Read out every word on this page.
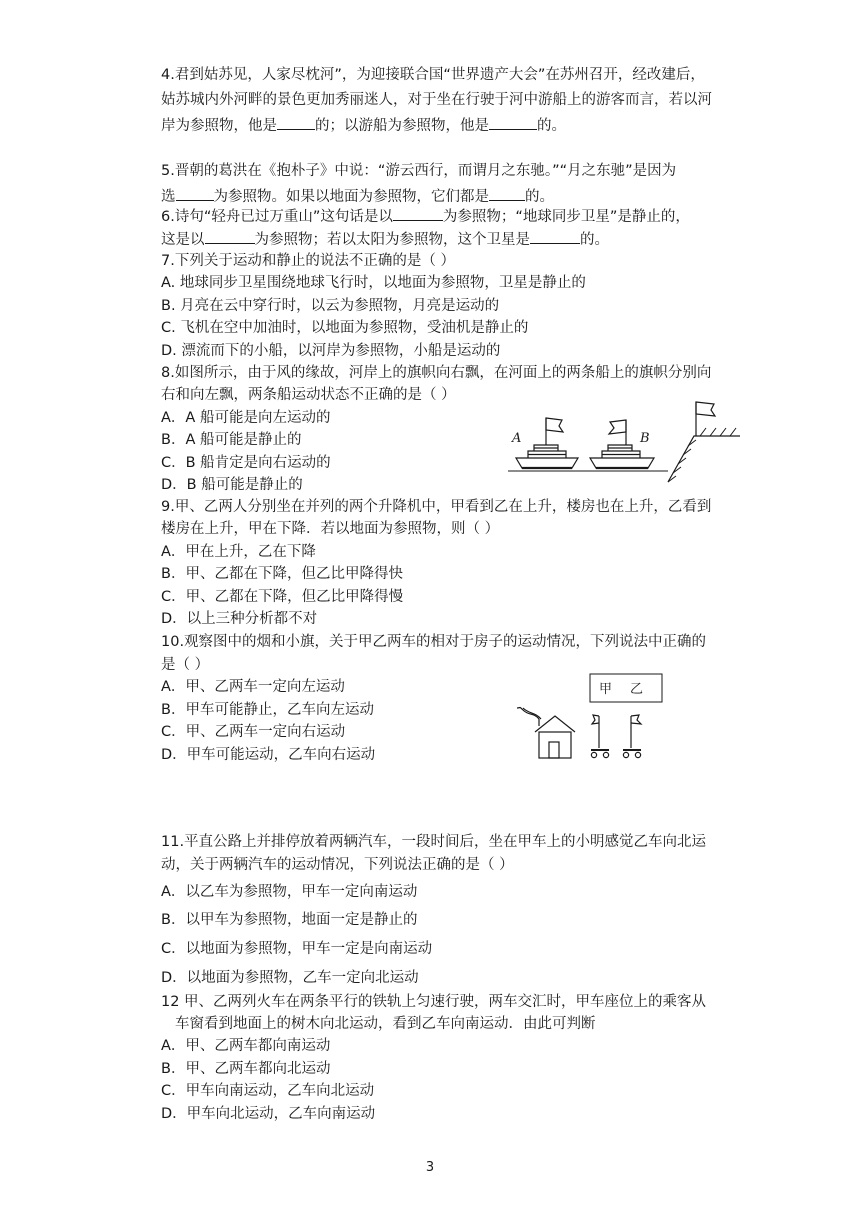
4.君到姑苏见，人家尽枕河”，为迎接联合国“世界遗产大会”在苏州召开，经改建后，
姑苏城内外河畔的景色更加秀丽迷人，对于坐在行驶于河中游船上的游客而言，若以河
岸为参照物，他是	的；以游船为参照物，他是	的。
5.晋朝的葛洪在《抱朴子》中说：“游云西行，而谓月之东驰。”“月之东驰”是因为
选	为参照物。如果以地面为参照物，它们都是 的。
6.诗句“轻舟已过万重山”这句话是以	为参照物；“地球同步卫星”是静止的，
这是以	为参照物；若以太阳为参照物，这个卫星是	的。
7.下列关于运动和静止的说法不正确的是（ ）
A. 地球同步卫星围绕地球飞行时，以地面为参照物，卫星是静止的
B. 月亮在云中穿行时，以云为参照物，月亮是运动的
C. 飞机在空中加油时，以地面为参照物，受油机是静止的
D. 漂流而下的小船，以河岸为参照物，小船是运动的
8.如图所示，由于风的缘故，河岸上的旗帜向右飘，在河面上的两条船上的旗帜分别向
右和向左飘，两条船运动状态不正确的是（ ）
A．A 船可能是向左运动的
B．A 船可能是静止的
C．B 船肯定是向右运动的
D．B 船可能是静止的
A	B
9.甲、乙两人分别坐在并列的两个升降机中，甲看到乙在上升，楼房也在上升，乙看到
楼房在上升，甲在下降．若以地面为参照物，则（ ）
A．甲在上升，乙在下降
B．甲、乙都在下降，但乙比甲降得快
C．甲、乙都在下降，但乙比甲降得慢
D．以上三种分析都不对
10.观察图中的烟和小旗，关于甲乙两车的相对于房子的运动情况，下列说法中正确的
是（ ）
A．甲、乙两车一定向左运动
B．甲车可能静止，乙车向左运动
C．甲、乙两车一定向右运动
D．甲车可能运动，乙车向右运动
甲 乙
11.平直公路上并排停放着两辆汽车，一段时间后，坐在甲车上的小明感觉乙车向北运
动，关于两辆汽车的运动情况，下列说法正确的是（ ）
A．以乙车为参照物，甲车一定向南运动
B．以甲车为参照物，地面一定是静止的
C．以地面为参照物，甲车一定是向南运动
D．以地面为参照物，乙车一定向北运动
12 甲、乙两列火车在两条平行的铁轨上匀速行驶，两车交汇时，甲车座位上的乘客从
车窗看到地面上的树木向北运动，看到乙车向南运动．由此可判断
A．甲、乙两车都向南运动
B．甲、乙两车都向北运动
C．甲车向南运动，乙车向北运动
D．甲车向北运动，乙车向南运动
3
